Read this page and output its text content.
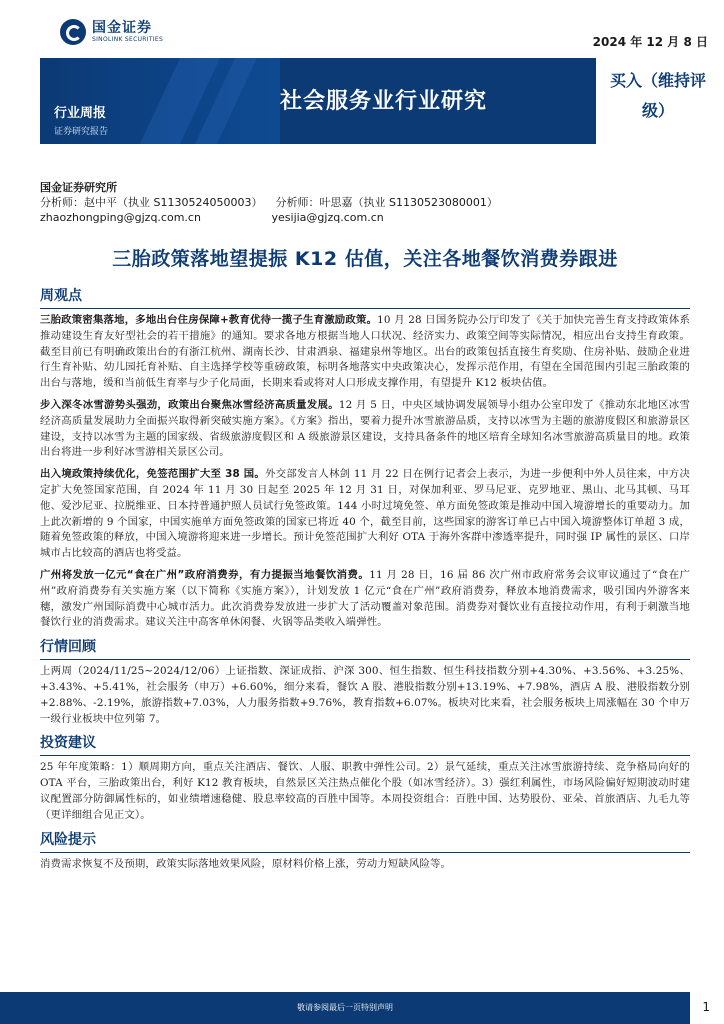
国金证券
SINOLINK SECURITIES	2024 年 12 月 8 日
行业周报
证券研究报告
社会服务业行业研究
买入（维持评级）
国金证券研究所
分析师：赵中平（执业 S1130524050003） 分析师：叶思嘉（执业 S1130523080001）
zhaozhongping@gjzq.com.cn	yesijia@gjzq.com.cn
三胎政策落地望提振 K12 估值，关注各地餐饮消费券跟进
周观点

三胎政策密集落地，多地出台住房保障+教育优待一揽子生育激励政策。10 月 28 日国务院办公厅印发了《关于加快完善生育支持政策体系推动建设生育友好型社会的若干措施》的通知。要求各地方根据当地人口状况、经济实力、政策空间等实际情况，相应出台支持生育政策。截至目前已有明确政策出台的有浙江杭州、湖南长沙、甘肃酒泉、福建泉州等地区。出台的政策包括直接生育奖励、住房补贴、鼓励企业进行生育补贴、幼儿园托育补贴、自主选择学校等重磅政策，标明各地落实中央政策决心，发挥示范作用，有望在全国范围内引起三胎政策的出台与落地，缓和当前低生育率与少子化局面，长期来看或将对人口形成支撑作用，有望提升 K12 板块估值。

步入深冬冰雪游势头强劲，政策出台聚焦冰雪经济高质量发展。12 月 5 日，中央区域协调发展领导小组办公室印发了《推动东北地区冰雪经济高质量发展助力全面振兴取得新突破实施方案》。《方案》指出，要着力提升冰雪旅游品质，支持以冰雪为主题的旅游度假区和旅游景区建设，支持以冰雪为主题的国家级、省级旅游度假区和 A 级旅游景区建设，支持具备条件的地区培育全球知名冰雪旅游高质量目的地。政策出台将进一步利好冰雪游相关景区公司。

出入境政策持续优化，免签范围扩大至 38 国。外交部发言人林剑 11 月 22 日在例行记者会上表示，为进一步便利中外人员往来，中方决定扩大免签国家范围，自 2024 年 11 月 30 日起至 2025 年 12 月 31 日，对保加利亚、罗马尼亚、克罗地亚、黑山、北马其顿、马耳他、爱沙尼亚、拉脱维亚、日本持普通护照人员试行免签政策。144 小时过境免签、单方面免签政策是推动中国入境游增长的重要动力。加上此次新增的 9 个国家，中国实施单方面免签政策的国家已将近 40 个，截至目前，这些国家的游客订单已占中国入境游整体订单超 3 成，随着免签政策的释放，中国入境游将迎来进一步增长。预计免签范围扩大利好 OTA 于海外客群中渗透率提升，同时强 IP 属性的景区、口岸城市占比较高的酒店也将受益。

广州将发放一亿元“食在广州”政府消费券，有力提振当地餐饮消费。11 月 28 日，16 届 86 次广州市政府常务会议审议通过了“食在广州”政府消费券有关实施方案（以下简称《实施方案》），计划发放 1 亿元“食在广州”政府消费券，释放本地消费需求，吸引国内外游客来穗，激发广州国际消费中心城市活力。此次消费券发放进一步扩大了活动覆盖对象范围。消费券对餐饮业有直接拉动作用，有利于刺激当地餐饮行业的消费需求。建议关注中高客单休闲餐、火锅等品类收入端弹性。

行情回顾

上两周（2024/11/25~2024/12/06）上证指数、深证成指、沪深 300、恒生指数、恒生科技指数分别+4.30%、+3.56%、+3.25%、+3.43%、+5.41%，社会服务（申万）+6.60%，细分来看，餐饮 A 股、港股指数分别+13.19%、+7.98%，酒店 A 股、港股指数分别+2.88%、-2.19%，旅游指数+7.03%，人力服务指数+9.76%，教育指数+6.07%。板块对比来看，社会服务板块上周涨幅在 30 个申万一级行业板块中位列第 7。

投资建议

25 年年度策略：1）顺周期方向，重点关注酒店、餐饮、人服、职教中弹性公司。2）景气延续，重点关注冰雪旅游持续、竞争格局向好的 OTA 平台，三胎政策出台，利好 K12 教育板块，自然景区关注热点催化个股（如冰雪经济）。3）强红利属性，市场风险偏好短期波动时建议配置部分防御属性标的，如业绩增速稳健、股息率较高的百胜中国等。本周投资组合：百胜中国、达势股份、亚朵、首旅酒店、九毛九等（更详细组合见正文）。

风险提示

消费需求恢复不及预期，政策实际落地效果风险，原材料价格上涨，劳动力短缺风险等。

敬请参阅最后一页特别声明	1
